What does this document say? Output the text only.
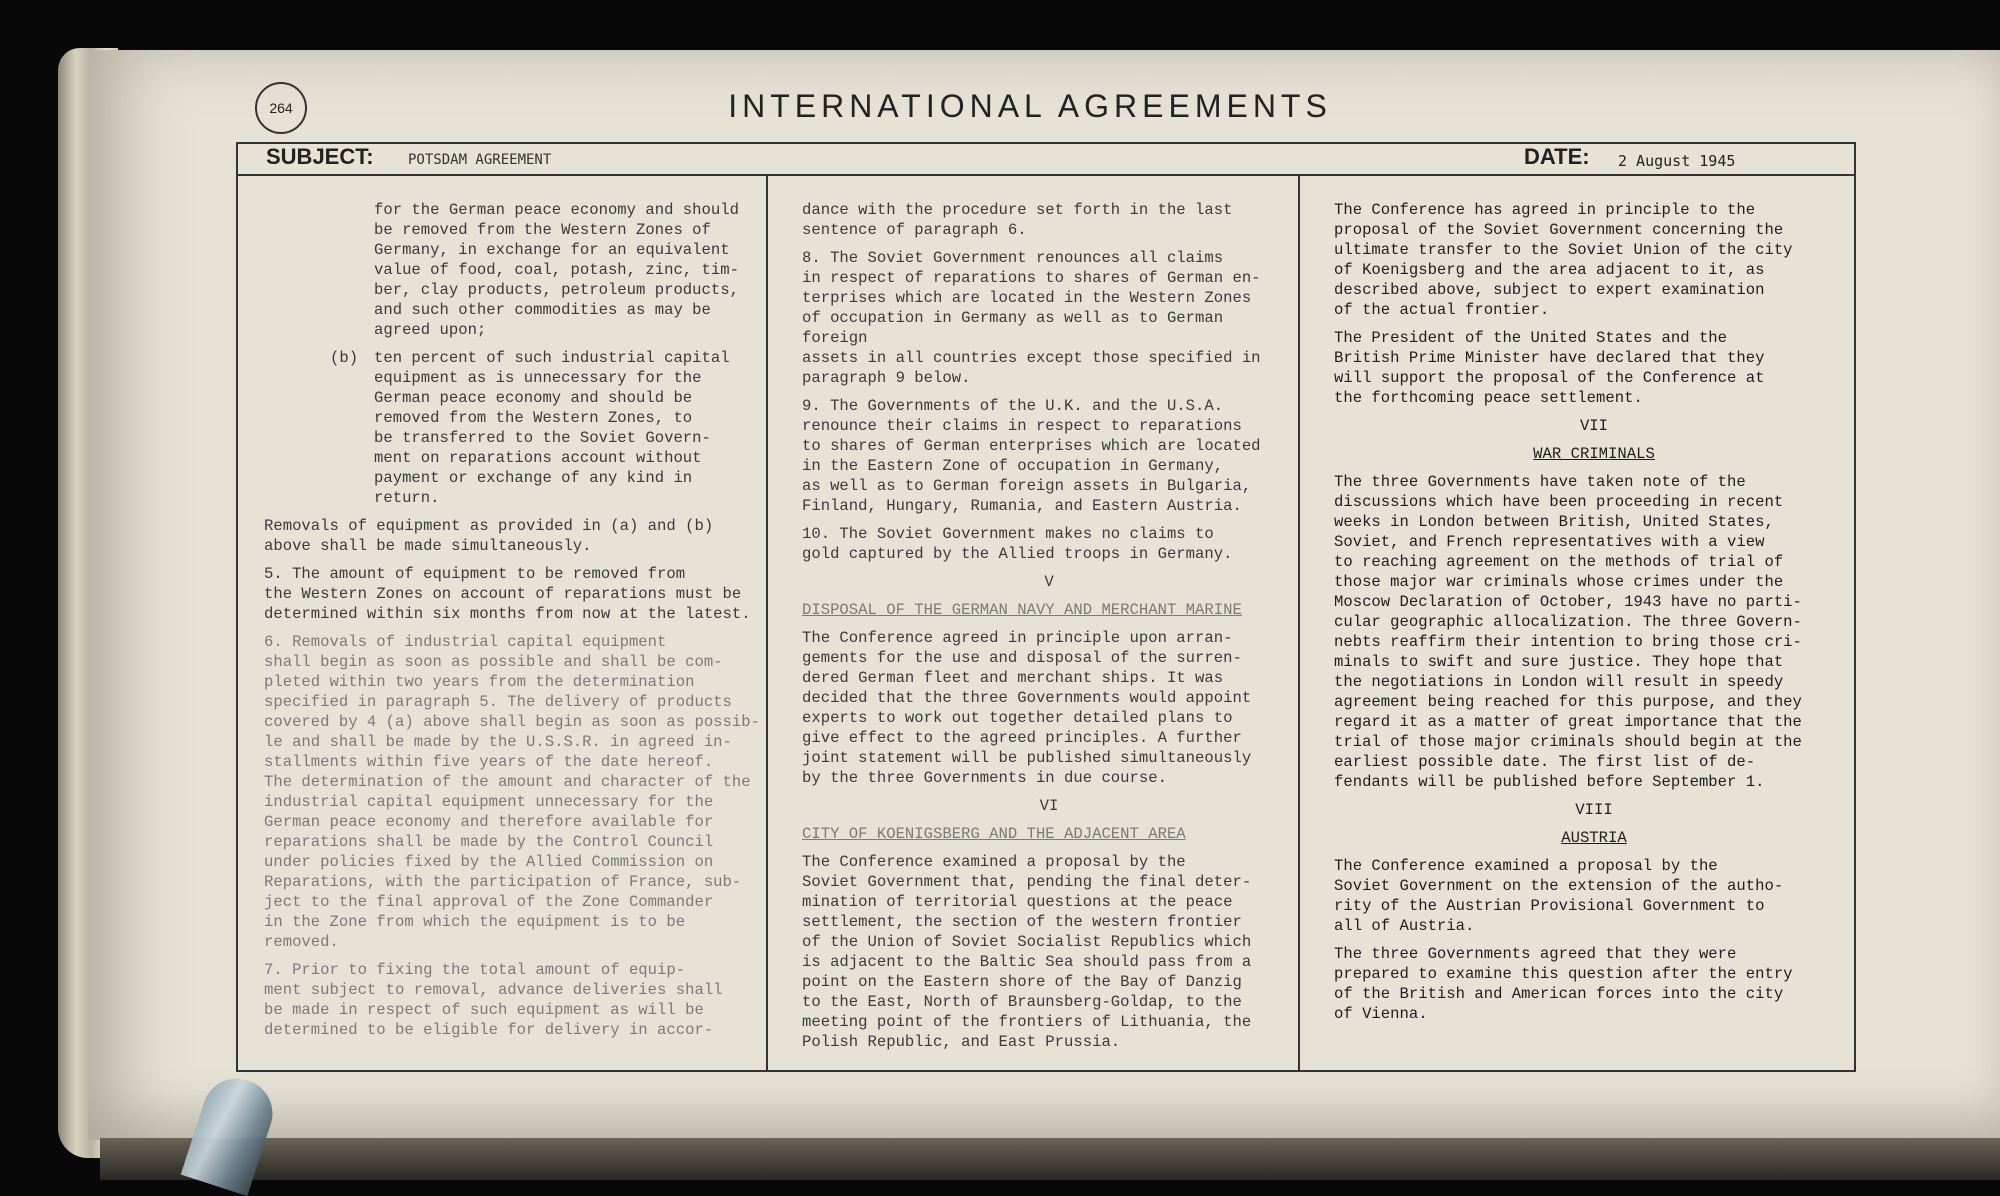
264	INTERNATIONAL AGREEMENTS
SUBJECT: POTSDAM AGREEMENT	DATE: 2 August 1945

for the German peace economy and should
be removed from the Western Zones of
Germany, in exchange for an equivalent
value of food, coal, potash, zinc, tim-
ber, clay products, petroleum products,
and such other commodities as may be
agreed upon;

(b) ten percent of such industrial capital
equipment as is unnecessary for the
German peace economy and should be
removed from the Western Zones, to
be transferred to the Soviet Govern-
ment on reparations account without
payment or exchange of any kind in
return.

Removals of equipment as provided in (a) and (b)
above shall be made simultaneously.

5. The amount of equipment to be removed from
the Western Zones on account of reparations must be
determined within six months from now at the latest.

6. Removals of industrial capital equipment
shall begin as soon as possible and shall be com-
pleted within two years from the determination
specified in paragraph 5. The delivery of products
covered by 4 (a) above shall begin as soon as possib-
le and shall be made by the U.S.S.R. in agreed in-
stallments within five years of the date hereof.
The determination of the amount and character of the
industrial capital equipment unnecessary for the
German peace economy and therefore available for
reparations shall be made by the Control Council
under policies fixed by the Allied Commission on
Reparations, with the participation of France, sub-
ject to the final approval of the Zone Commander
in the Zone from which the equipment is to be
removed.

7. Prior to fixing the total amount of equip-
ment subject to removal, advance deliveries shall
be made in respect of such equipment as will be
determined to be eligible for delivery in accor-

dance with the procedure set forth in the last
sentence of paragraph 6.

8. The Soviet Government renounces all claims
in respect of reparations to shares of German en-
terprises which are located in the Western Zones
of occupation in Germany as well as to German foreign
assets in all countries except those specified in
paragraph 9 below.

9. The Governments of the U.K. and the U.S.A.
renounce their claims in respect to reparations
to shares of German enterprises which are located
in the Eastern Zone of occupation in Germany,
as well as to German foreign assets in Bulgaria,
Finland, Hungary, Rumania, and Eastern Austria.

10. The Soviet Government makes no claims to
gold captured by the Allied troops in Germany.

V

DISPOSAL OF THE GERMAN NAVY AND MERCHANT MARINE

The Conference agreed in principle upon arran-
gements for the use and disposal of the surren-
dered German fleet and merchant ships. It was
decided that the three Governments would appoint
experts to work out together detailed plans to
give effect to the agreed principles. A further
joint statement will be published simultaneously
by the three Governments in due course.

VI

CITY OF KOENIGSBERG AND THE ADJACENT AREA

The Conference examined a proposal by the
Soviet Government that, pending the final deter-
mination of territorial questions at the peace
settlement, the section of the western frontier
of the Union of Soviet Socialist Republics which
is adjacent to the Baltic Sea should pass from a
point on the Eastern shore of the Bay of Danzig
to the East, North of Braunsberg-Goldap, to the
meeting point of the frontiers of Lithuania, the
Polish Republic, and East Prussia.

The Conference has agreed in principle to the
proposal of the Soviet Government concerning the
ultimate transfer to the Soviet Union of the city
of Koenigsberg and the area adjacent to it, as
described above, subject to expert examination
of the actual frontier.

The President of the United States and the
British Prime Minister have declared that they
will support the proposal of the Conference at
the forthcoming peace settlement.

VII

WAR CRIMINALS

The three Governments have taken note of the
discussions which have been proceeding in recent
weeks in London between British, United States,
Soviet, and French representatives with a view
to reaching agreement on the methods of trial of
those major war criminals whose crimes under the
Moscow Declaration of October, 1943 have no parti-
cular geographic allocalization. The three Govern-
nebts reaffirm their intention to bring those cri-
minals to swift and sure justice. They hope that
the negotiations in London will result in speedy
agreement being reached for this purpose, and they
regard it as a matter of great importance that the
trial of those major criminals should begin at the
earliest possible date. The first list of de-
fendants will be published before September 1.

VIII

AUSTRIA

The Conference examined a proposal by the
Soviet Government on the extension of the autho-
rity of the Austrian Provisional Government to
all of Austria.

The three Governments agreed that they were
prepared to examine this question after the entry
of the British and American forces into the city
of Vienna.
